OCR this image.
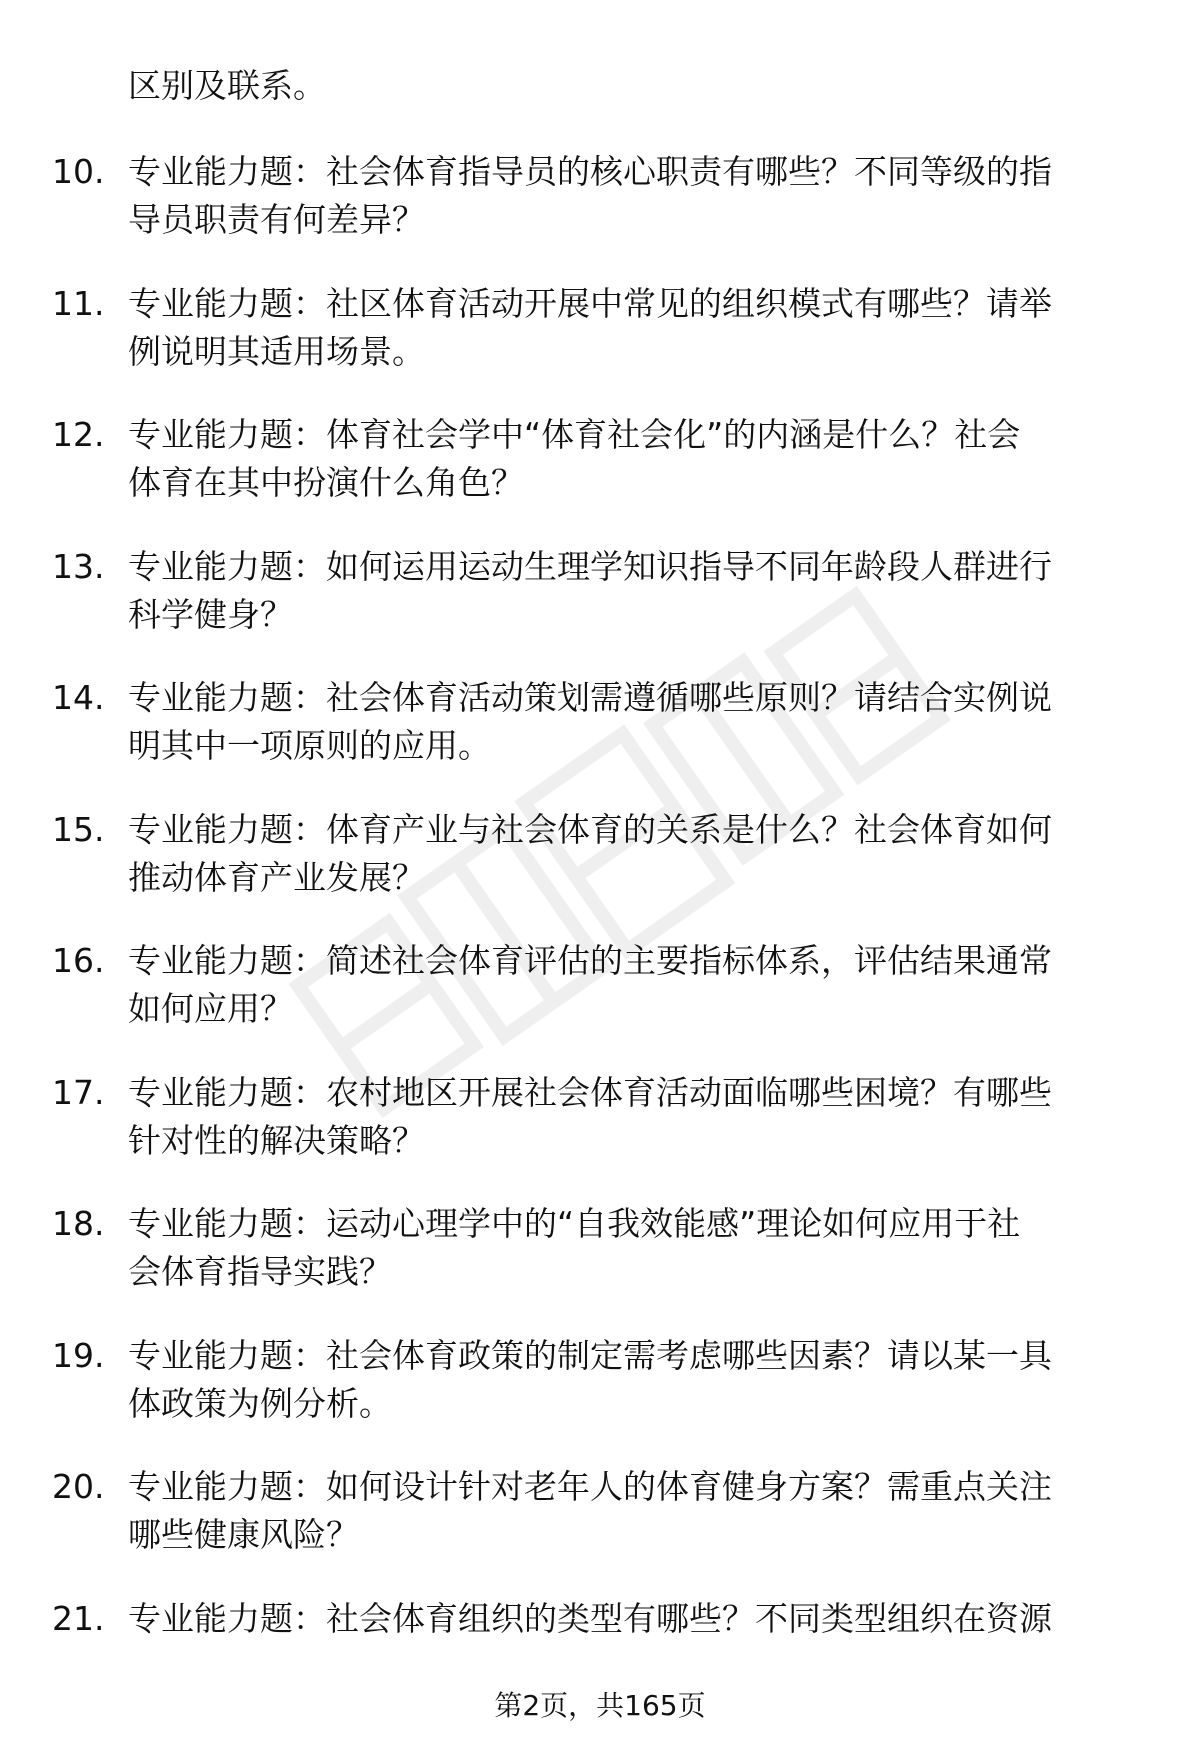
区别及联系。
10. 专业能力题：社会体育指导员的核心职责有哪些？不同等级的指
导员职责有何差异？
11. 专业能力题：社区体育活动开展中常见的组织模式有哪些？请举
例说明其适用场景。
12. 专业能力题：体育社会学中“体育社会化”的内涵是什么？社会
体育在其中扮演什么角色？
13. 专业能力题：如何运用运动生理学知识指导不同年龄段人群进行
科学健身？
14. 专业能力题：社会体育活动策划需遵循哪些原则？请结合实例说
明其中一项原则的应用。
15. 专业能力题：体育产业与社会体育的关系是什么？社会体育如何
推动体育产业发展？
16. 专业能力题：简述社会体育评估的主要指标体系，评估结果通常
如何应用？
17. 专业能力题：农村地区开展社会体育活动面临哪些困境？有哪些
针对性的解决策略？
18. 专业能力题：运动心理学中的“自我效能感”理论如何应用于社
会体育指导实践？
19. 专业能力题：社会体育政策的制定需考虑哪些因素？请以某一具
体政策为例分析。
20. 专业能力题：如何设计针对老年人的体育健身方案？需重点关注
哪些健康风险？
21. 专业能力题：社会体育组织的类型有哪些？不同类型组织在资源
第2页，共165页
